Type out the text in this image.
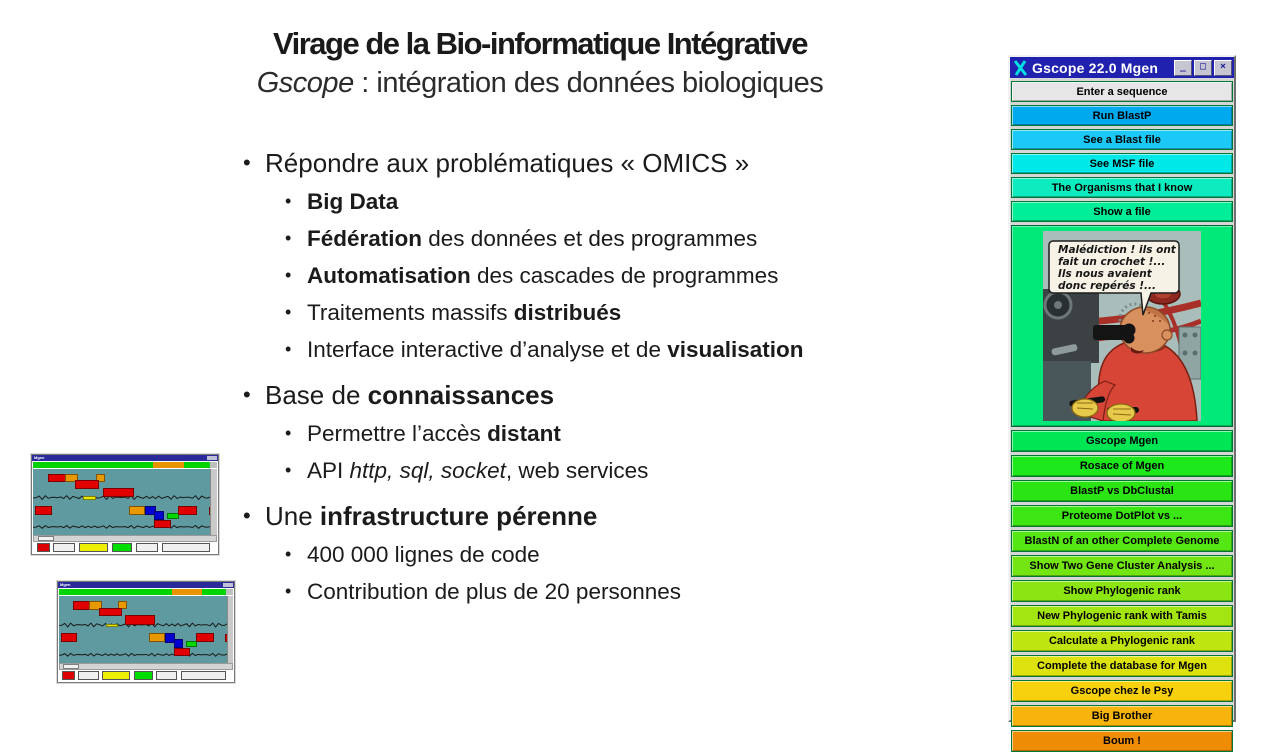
Virage de la Bio-informatique Intégrative
Gscope : intégration des données biologiques
• Répondre aux problématiques « OMICS »
• Big Data
• Fédération des données et des programmes
• Automatisation des cascades de programmes
• Traitements massifs distribués
• Interface interactive d’analyse et de visualisation
• Base de connaissances
• Permettre l’accès distant
• API http, sql, socket, web services
• Une infrastructure pérenne
• 400 000 lignes de code
• Contribution de plus de 20 personnes
Mgen
Mgen
Gscope 22.0 Mgen	_	□	×
Enter a sequence
Run BlastP
See a Blast file
See MSF file
The Organisms that I know
Show a file
Malédiction ! ils ont fait un crochet !... Ils nous avaient donc repérés !...
Gscope Mgen
Rosace of Mgen
BlastP vs DbClustal
Proteome DotPlot vs ...
BlastN of an other Complete Genome
Show Two Gene Cluster Analysis ...
Show Phylogenic rank
New Phylogenic rank with Tamis
Calculate a Phylogenic rank
Complete the database for Mgen
Gscope chez le Psy
Big Brother
Boum !
